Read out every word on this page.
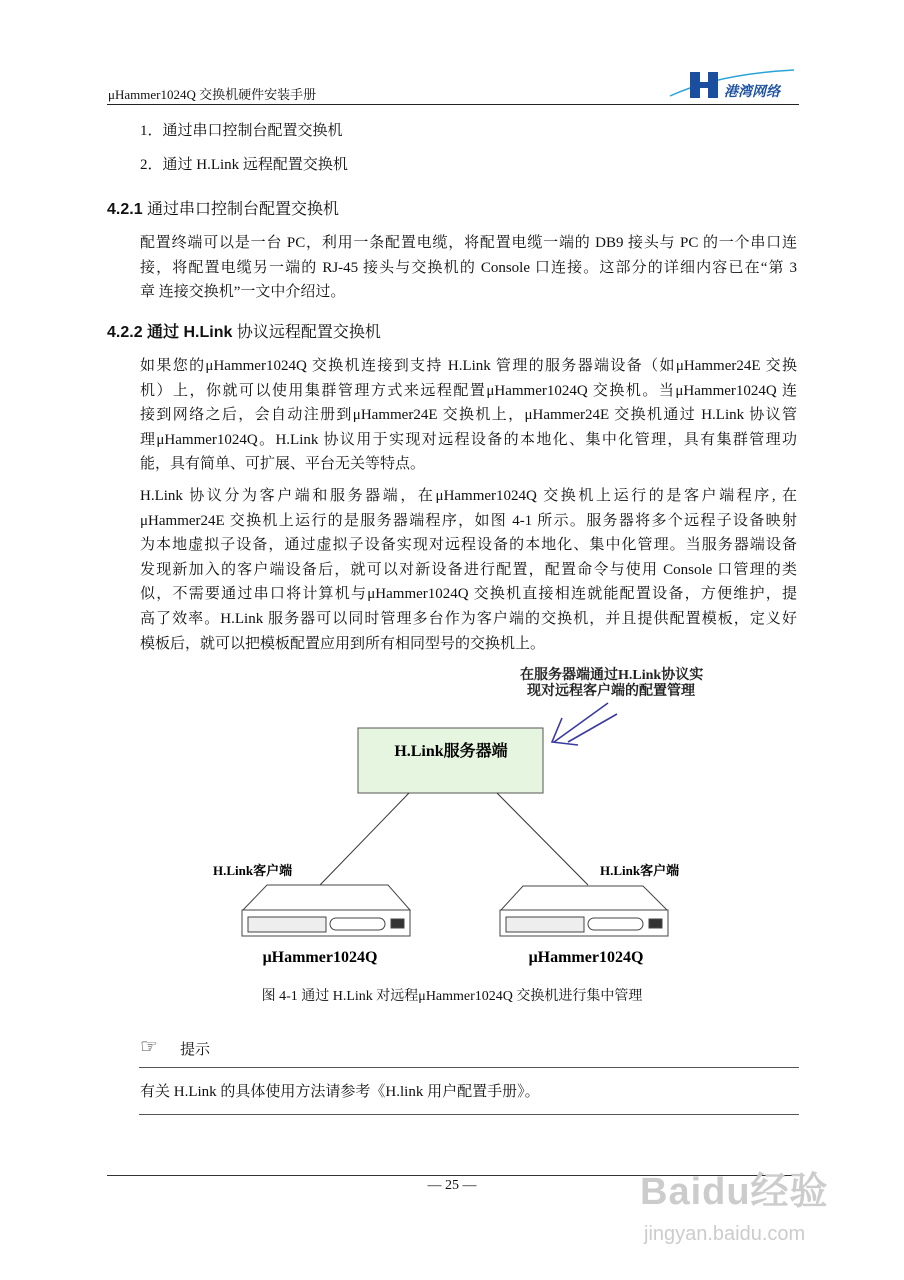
μHammer1024Q 交换机硬件安装手册	港湾网络
1．通过串口控制台配置交换机
2．通过 H.Link 远程配置交换机
4.2.1 通过串口控制台配置交换机
配置终端可以是一台 PC，利用一条配置电缆，将配置电缆一端的 DB9 接头与 PC 的一个串口连
接，将配置电缆另一端的 RJ-45 接头与交换机的 Console 口连接。这部分的详细内容已在“第 3
章 连接交换机”一文中介绍过。
4.2.2 通过 H.Link 协议远程配置交换机
如果您的μHammer1024Q 交换机连接到支持 H.Link 管理的服务器端设备（如μHammer24E 交换
机）上，你就可以使用集群管理方式来远程配置μHammer1024Q 交换机。当μHammer1024Q 连
接到网络之后，会自动注册到μHammer24E 交换机上，μHammer24E 交换机通过 H.Link 协议管
理μHammer1024Q。H.Link 协议用于实现对远程设备的本地化、集中化管理，具有集群管理功
能，具有简单、可扩展、平台无关等特点。
H.Link 协议分为客户端和服务器端，在μHammer1024Q 交换机上运行的是客户端程序, 在
μHammer24E 交换机上运行的是服务器端程序，如图 4-1 所示。服务器将多个远程子设备映射
为本地虚拟子设备，通过虚拟子设备实现对远程设备的本地化、集中化管理。当服务器端设备
发现新加入的客户端设备后，就可以对新设备进行配置，配置命令与使用 Console 口管理的类
似，不需要通过串口将计算机与μHammer1024Q 交换机直接相连就能配置设备，方便维护，提
高了效率。H.Link 服务器可以同时管理多台作为客户端的交换机，并且提供配置模板，定义好
模板后，就可以把模板配置应用到所有相同型号的交换机上。
在服务器端通过H.Link协议实
现对远程客户端的配置管理
H.Link服务器端
H.Link客户端	H.Link客户端
μHammer1024Q	μHammer1024Q
图 4-1 通过 H.Link 对远程μHammer1024Q 交换机进行集中管理
☞ 提示
有关 H.Link 的具体使用方法请参考《H.link 用户配置手册》。
— 25 —	Baidu经验
jingyan.baidu.com
